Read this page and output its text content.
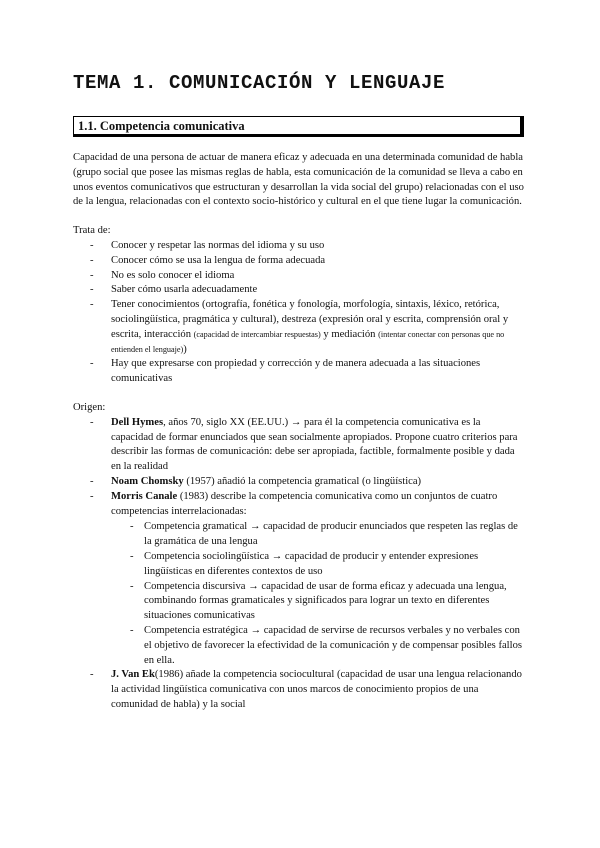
TEMA 1. COMUNICACIÓN Y LENGUAJE
1.1. Competencia comunicativa

Capacidad de una persona de actuar de manera eficaz y adecuada en una determinada comunidad de habla (grupo social que posee las mismas reglas de habla, esta comunicación de la comunidad se lleva a cabo en unos eventos comunicativos que estructuran y desarrollan la vida social del grupo) relacionadas con el uso de la lengua, relacionadas con el contexto socio-histórico y cultural en el que tiene lugar la comunicación.

Trata de:

- Conocer y respetar las normas del idioma y su uso
- Conocer cómo se usa la lengua de forma adecuada
- No es solo conocer el idioma
- Saber cómo usarla adecuadamente
- Tener conocimientos (ortografía, fonética y fonología, morfología, sintaxis, léxico, retórica, sociolingüística, pragmática y cultural), destreza (expresión oral y escrita, comprensión oral y escrita, interacción (capacidad de intercambiar respuestas) y mediación (intentar conectar con personas que no entienden el lenguaje))
- Hay que expresarse con propiedad y corrección y de manera adecuada a las situaciones comunicativas

Origen:

- Dell Hymes, años 70, siglo XX (EE.UU.) → para él la competencia comunicativa es la capacidad de formar enunciados que sean socialmente apropiados. Propone cuatro criterios para describir las formas de comunicación: debe ser apropiada, factible, formalmente posible y dada en la realidad
- Noam Chomsky (1957) añadió la competencia gramatical (o lingüística)
- Morris Canale (1983) describe la competencia comunicativa como un conjuntos de cuatro competencias interrelacionadas:
- Competencia gramatical → capacidad de producir enunciados que respeten las reglas de la gramática de una lengua
- Competencia sociolingüística → capacidad de producir y entender expresiones lingüísticas en diferentes contextos de uso
- Competencia discursiva → capacidad de usar de forma eficaz y adecuada una lengua, combinando formas gramaticales y significados para lograr un texto en diferentes situaciones comunicativas
- Competencia estratégica → capacidad de servirse de recursos verbales y no verbales con el objetivo de favorecer la efectividad de la comunicación y de compensar posibles fallos en ella.
- J. Van Ek(1986) añade la competencia sociocultural (capacidad de usar una lengua relacionando la actividad lingüística comunicativa con unos marcos de conocimiento propios de una comunidad de habla) y la social
